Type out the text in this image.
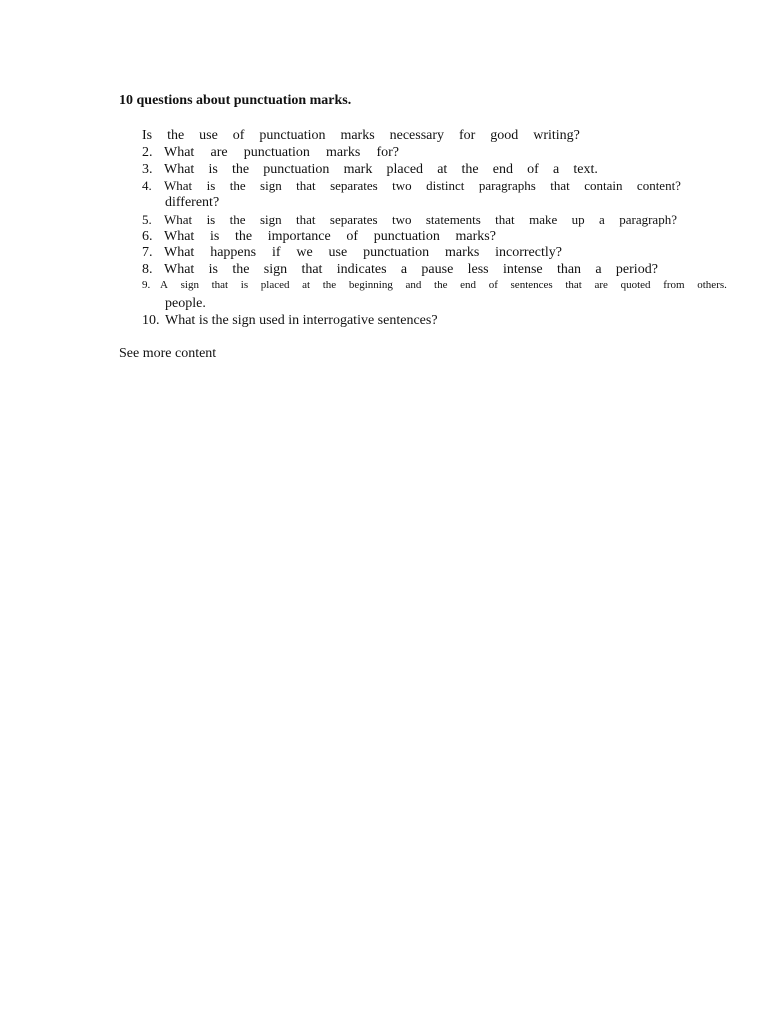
10 questions about punctuation marks.
Is the use of punctuation marks necessary for good writing?
2. What are punctuation marks for?
3. What is the punctuation mark placed at the end of a text.
4. What is the sign that separates two distinct paragraphs that contain content?
different?
5. What is the sign that separates two statements that make up a paragraph?
6. What is the importance of punctuation marks?
7. What happens if we use punctuation marks incorrectly?
8. What is the sign that indicates a pause less intense than a period?
9. A sign that is placed at the beginning and the end of sentences that are quoted from others.
people.
10. What is the sign used in interrogative sentences?
See more content
